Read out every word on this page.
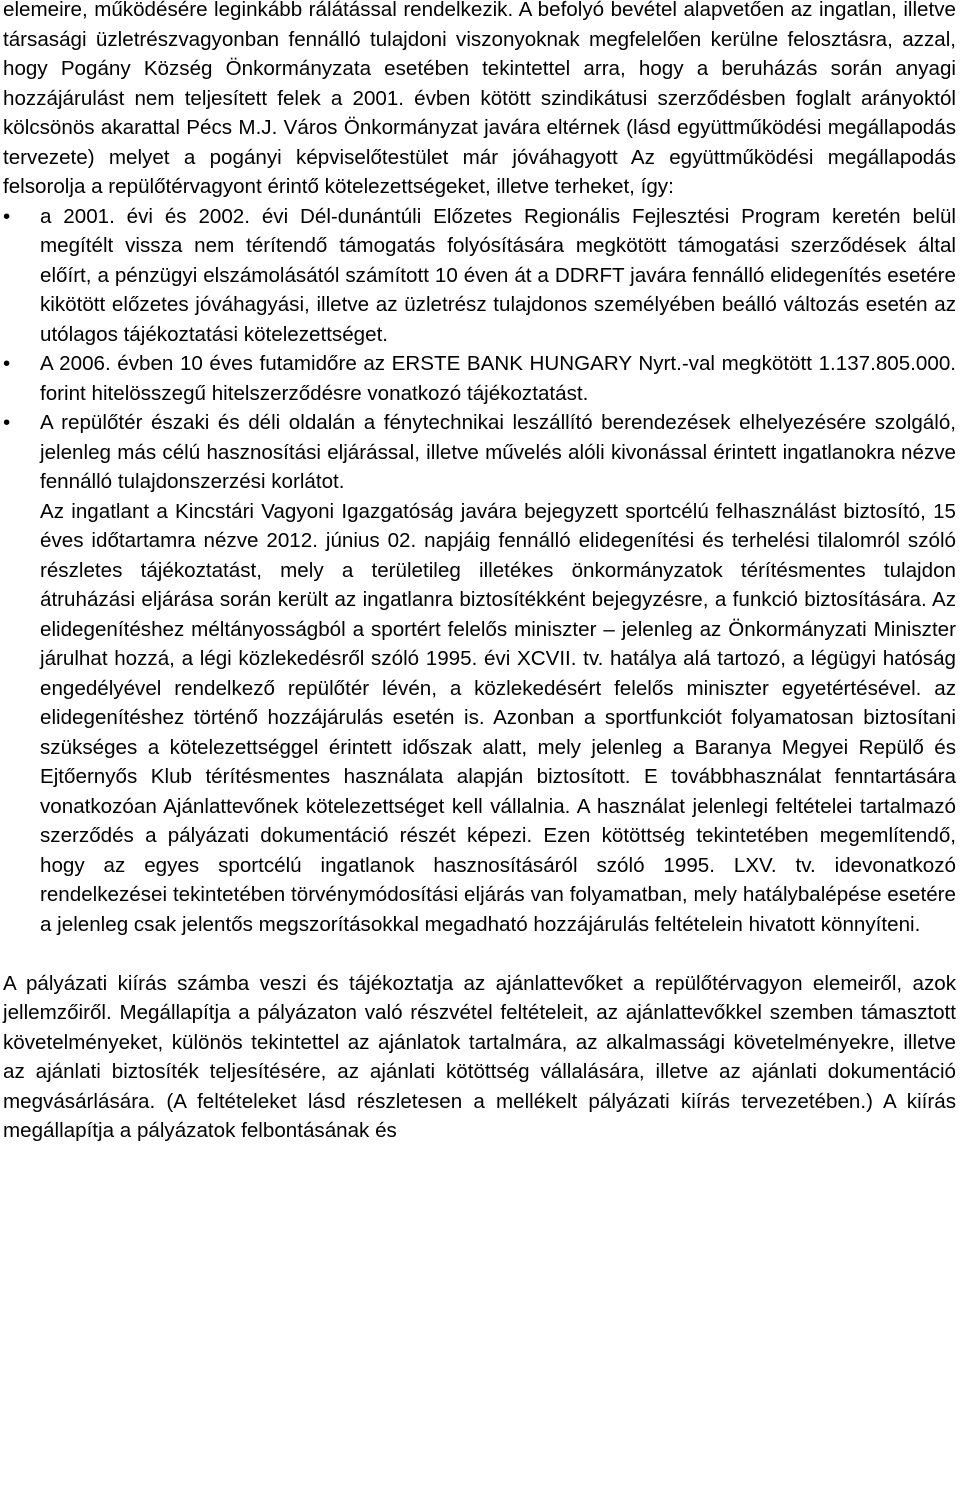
elemeire, működésére leginkább rálátással rendelkezik. A befolyó bevétel alapvetően az ingatlan, illetve társasági üzletrészvagyonban fennálló tulajdoni viszonyoknak megfelelően kerülne felosztásra, azzal, hogy Pogány Község Önkormányzata esetében tekintettel arra, hogy a beruházás során anyagi hozzájárulást nem teljesített felek a 2001. évben kötött szindikátusi szerződésben foglalt arányoktól kölcsönös akarattal Pécs M.J. Város Önkormányzat javára eltérnek (lásd együttműködési megállapodás tervezete) melyet a pogányi képviselőtestület már jóváhagyott Az együttműködési megállapodás felsorolja a repülőtérvagyont érintő kötelezettségeket, illetve terheket, így:

•	a 2001. évi és 2002. évi Dél-dunántúli Előzetes Regionális Fejlesztési Program keretén belül megítélt vissza nem térítendő támogatás folyósítására megkötött támogatási szerződések által előírt, a pénzügyi elszámolásától számított 10 éven át a DDRFT javára fennálló elidegenítés esetére kikötött előzetes jóváhagyási, illetve az üzletrész tulajdonos személyében beálló változás esetén az utólagos tájékoztatási kötelezettséget.
•	A 2006. évben 10 éves futamidőre az ERSTE BANK HUNGARY Nyrt.-val megkötött 1.137.805.000. forint hitelösszegű hitelszerződésre vonatkozó tájékoztatást.
•	A repülőtér északi és déli oldalán a fénytechnikai leszállító berendezések elhelyezésére szolgáló, jelenleg más célú hasznosítási eljárással, illetve művelés alóli kivonással érintett ingatlanokra nézve fennálló tulajdonszerzési korlátot.
Az ingatlant a Kincstári Vagyoni Igazgatóság javára bejegyzett sportcélú felhasználást biztosító, 15 éves időtartamra nézve 2012. június 02. napjáig fennálló elidegenítési és terhelési tilalomról szóló részletes tájékoztatást, mely a területileg illetékes önkormányzatok térítésmentes tulajdon átruházási eljárása során került az ingatlanra biztosítékként bejegyzésre, a funkció biztosítására. Az elidegenítéshez méltányosságból a sportért felelős miniszter – jelenleg az Önkormányzati Miniszter járulhat hozzá, a légi közlekedésről szóló 1995. évi XCVII. tv. hatálya alá tartozó, a légügyi hatóság engedélyével rendelkező repülőtér lévén, a közlekedésért felelős miniszter egyetértésével. az elidegenítéshez történő hozzájárulás esetén is. Azonban a sportfunkciót folyamatosan biztosítani szükséges a kötelezettséggel érintett időszak alatt, mely jelenleg a Baranya Megyei Repülő és Ejtőernyős Klub térítésmentes használata alapján biztosított. E továbbhasználat fenntartására vonatkozóan Ajánlattevőnek kötelezettséget kell vállalnia. A használat jelenlegi feltételei tartalmazó szerződés a pályázati dokumentáció részét képezi. Ezen kötöttség tekintetében megemlítendő, hogy az egyes sportcélú ingatlanok hasznosításáról szóló 1995. LXV. tv. idevonatkozó rendelkezései tekintetében törvénymódosítási eljárás van folyamatban, mely hatálybalépése esetére a jelenleg csak jelentős megszorításokkal megadható hozzájárulás feltételein hivatott könnyíteni.

A pályázati kiírás számba veszi és tájékoztatja az ajánlattevőket a repülőtérvagyon elemeiről, azok jellemzőiről. Megállapítja a pályázaton való részvétel feltételeit, az ajánlattevőkkel szemben támasztott követelményeket, különös tekintettel az ajánlatok tartalmára, az alkalmassági követelményekre, illetve az ajánlati biztosíték teljesítésére, az ajánlati kötöttség vállalására, illetve az ajánlati dokumentáció megvásárlására. (A feltételeket lásd részletesen a mellékelt pályázati kiírás tervezetében.) A kiírás megállapítja a pályázatok felbontásának és
